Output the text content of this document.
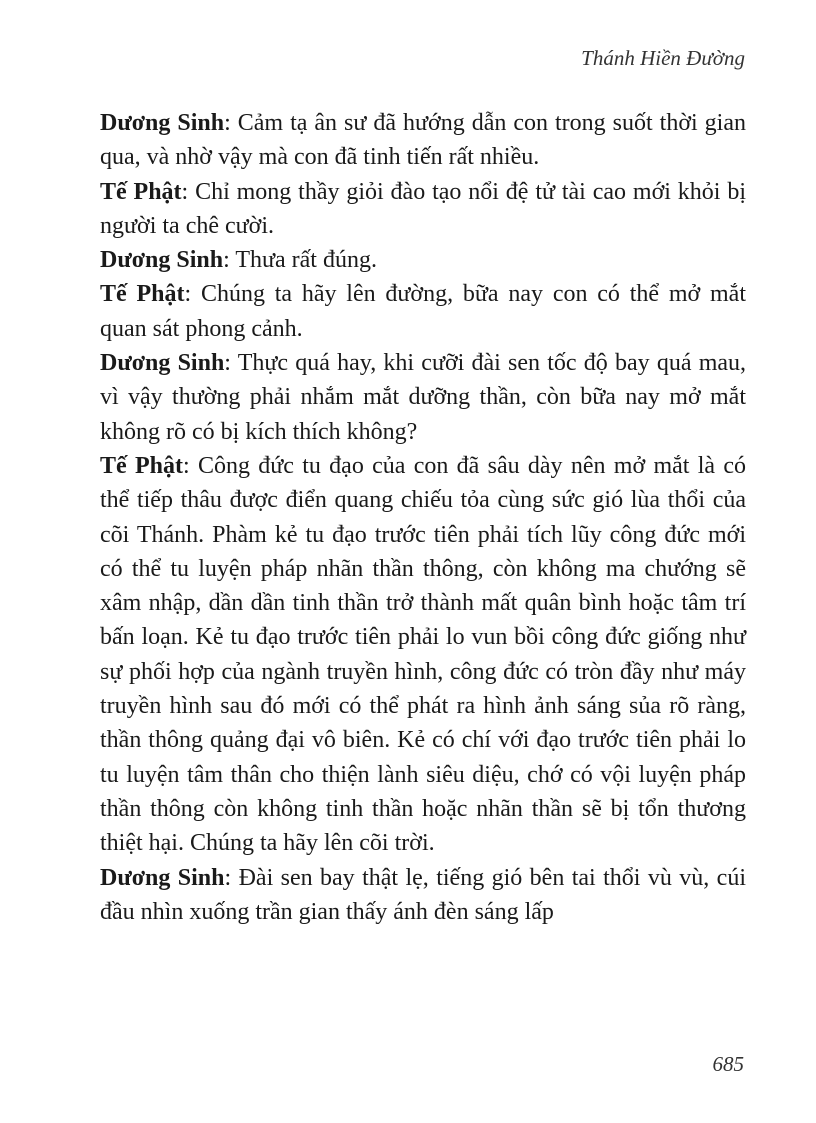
Thánh Hiền Đường

Dương Sinh: Cảm tạ ân sư đã hướng dẫn con trong suốt thời gian qua, và nhờ vậy mà con đã tinh tiến rất nhiều.

Tế Phật: Chỉ mong thầy giỏi đào tạo nổi đệ tử tài cao mới khỏi bị người ta chê cười.

Dương Sinh: Thưa rất đúng.

Tế Phật: Chúng ta hãy lên đường, bữa nay con có thể mở mắt quan sát phong cảnh.

Dương Sinh: Thực quá hay, khi cưỡi đài sen tốc độ bay quá mau, vì vậy thường phải nhắm mắt dưỡng thần, còn bữa nay mở mắt không rõ có bị kích thích không?

Tế Phật: Công đức tu đạo của con đã sâu dày nên mở mắt là có thể tiếp thâu được điển quang chiếu tỏa cùng sức gió lùa thổi của cõi Thánh. Phàm kẻ tu đạo trước tiên phải tích lũy công đức mới có thể tu luyện pháp nhãn thần thông, còn không ma chướng sẽ xâm nhập, dần dần tinh thần trở thành mất quân bình hoặc tâm trí bấn loạn. Kẻ tu đạo trước tiên phải lo vun bồi công đức giống như sự phối hợp của ngành truyền hình, công đức có tròn đầy như máy truyền hình sau đó mới có thể phát ra hình ảnh sáng sủa rõ ràng, thần thông quảng đại vô biên. Kẻ có chí với đạo trước tiên phải lo tu luyện tâm thân cho thiện lành siêu diệu, chớ có vội luyện pháp thần thông còn không tinh thần hoặc nhãn thần sẽ bị tổn thương thiệt hại. Chúng ta hãy lên cõi trời.

Dương Sinh: Đài sen bay thật lẹ, tiếng gió bên tai thổi vù vù, cúi đầu nhìn xuống trần gian thấy ánh đèn sáng lấp

685
